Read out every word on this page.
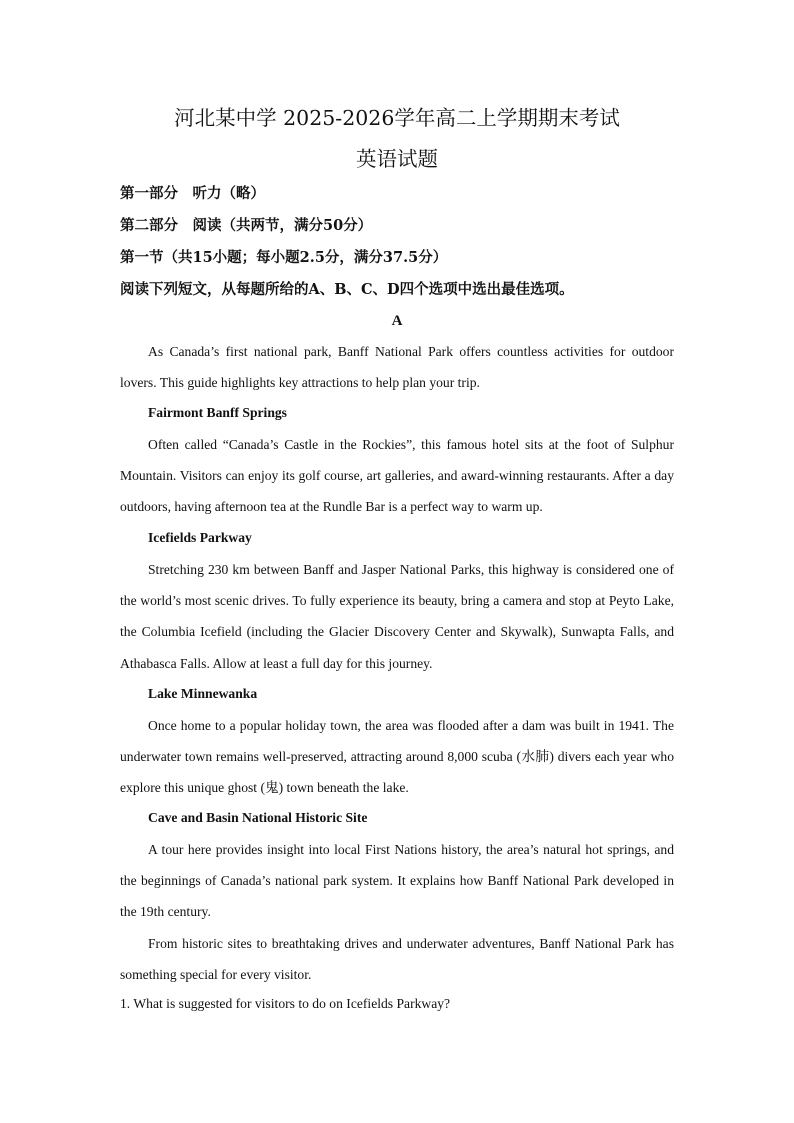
河北某中学 2025-2026学年高二上学期期末考试
英语试题
第一部分　听力（略）
第二部分　阅读（共两节，满分50分）
第一节（共15小题；每小题2.5分，满分37.5分）
阅读下列短文，从每题所给的A、B、C、D四个选项中选出最佳选项。
A

As Canada’s first national park, Banff National Park offers countless activities for outdoor lovers. This guide highlights key attractions to help plan your trip.

Fairmont Banff Springs

Often called “Canada’s Castle in the Rockies”, this famous hotel sits at the foot of Sulphur Mountain. Visitors can enjoy its golf course, art galleries, and award-winning restaurants. After a day outdoors, having afternoon tea at the Rundle Bar is a perfect way to warm up.

Icefields Parkway

Stretching 230 km between Banff and Jasper National Parks, this highway is considered one of the world’s most scenic drives. To fully experience its beauty, bring a camera and stop at Peyto Lake, the Columbia Icefield (including the Glacier Discovery Center and Skywalk), Sunwapta Falls, and Athabasca Falls. Allow at least a full day for this journey.

Lake Minnewanka

Once home to a popular holiday town, the area was flooded after a dam was built in 1941. The underwater town remains well-preserved, attracting around 8,000 scuba (水肺) divers each year who explore this unique ghost (鬼) town beneath the lake.

Cave and Basin National Historic Site

A tour here provides insight into local First Nations history, the area’s natural hot springs, and the beginnings of Canada’s national park system. It explains how Banff National Park developed in the 19th century.

From historic sites to breathtaking drives and underwater adventures, Banff National Park has something special for every visitor.

1. What is suggested for visitors to do on Icefields Parkway?
